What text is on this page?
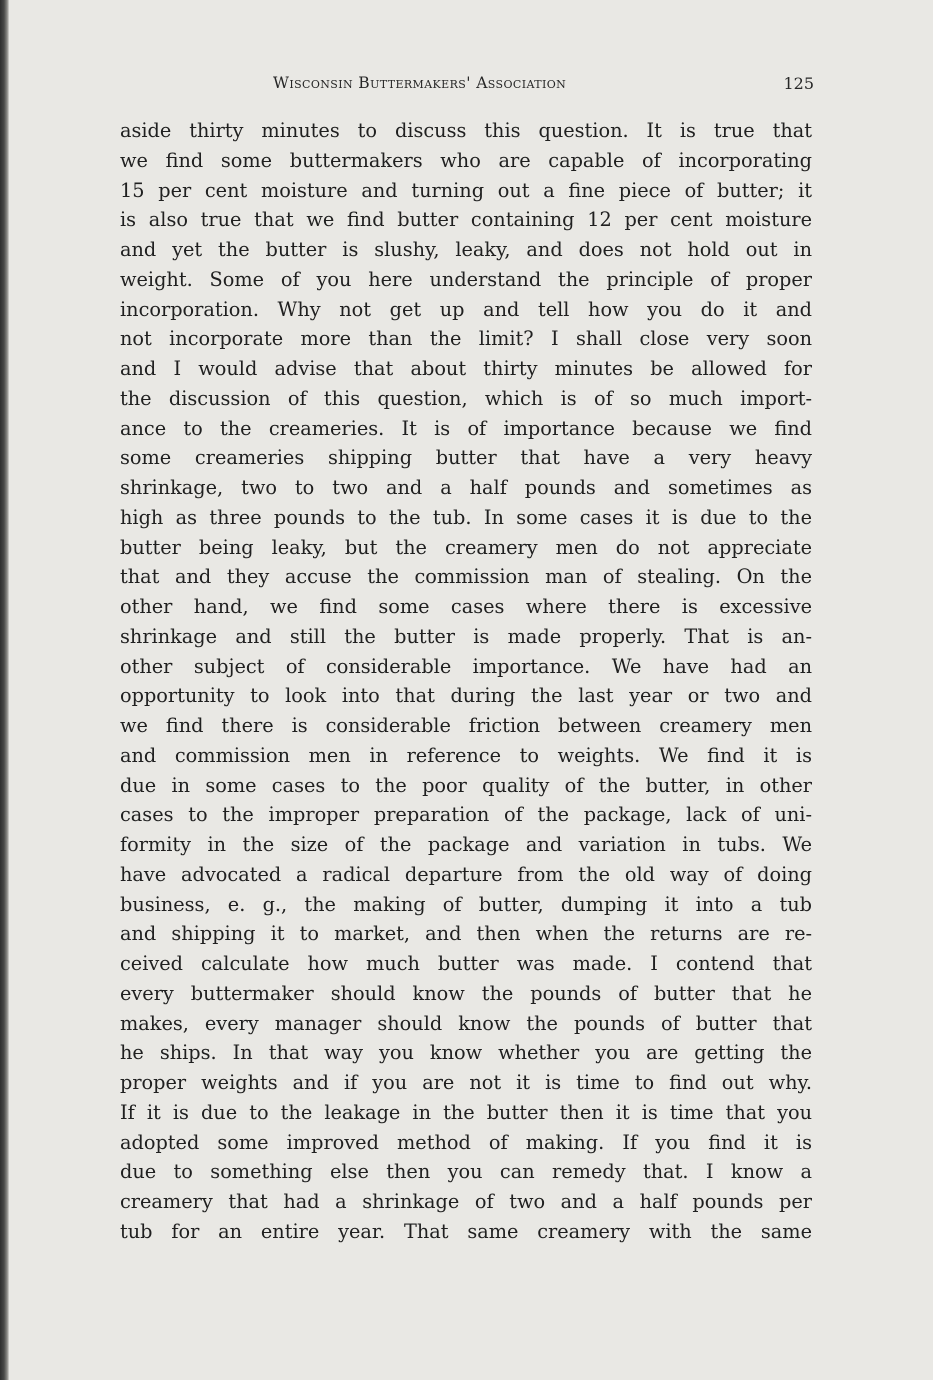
Wisconsin Buttermakers' Association	125
aside thirty minutes to discuss this question. It is true that
we find some buttermakers who are capable of incorporating
15 per cent moisture and turning out a fine piece of butter; it
is also true that we find butter containing 12 per cent moisture
and yet the butter is slushy, leaky, and does not hold out in
weight. Some of you here understand the principle of proper
incorporation. Why not get up and tell how you do it and
not incorporate more than the limit? I shall close very soon
and I would advise that about thirty minutes be allowed for
the discussion of this question, which is of so much import-
ance to the creameries. It is of importance because we find
some creameries shipping butter that have a very heavy
shrinkage, two to two and a half pounds and sometimes as
high as three pounds to the tub. In some cases it is due to the
butter being leaky, but the creamery men do not appreciate
that and they accuse the commission man of stealing. On the
other hand, we find some cases where there is excessive
shrinkage and still the butter is made properly. That is an-
other subject of considerable importance. We have had an
opportunity to look into that during the last year or two and
we find there is considerable friction between creamery men
and commission men in reference to weights. We find it is
due in some cases to the poor quality of the butter, in other
cases to the improper preparation of the package, lack of uni-
formity in the size of the package and variation in tubs. We
have advocated a radical departure from the old way of doing
business, e. g., the making of butter, dumping it into a tub
and shipping it to market, and then when the returns are re-
ceived calculate how much butter was made. I contend that
every buttermaker should know the pounds of butter that he
makes, every manager should know the pounds of butter that
he ships. In that way you know whether you are getting the
proper weights and if you are not it is time to find out why.
If it is due to the leakage in the butter then it is time that you
adopted some improved method of making. If you find it is
due to something else then you can remedy that. I know a
creamery that had a shrinkage of two and a half pounds per
tub for an entire year. That same creamery with the same
